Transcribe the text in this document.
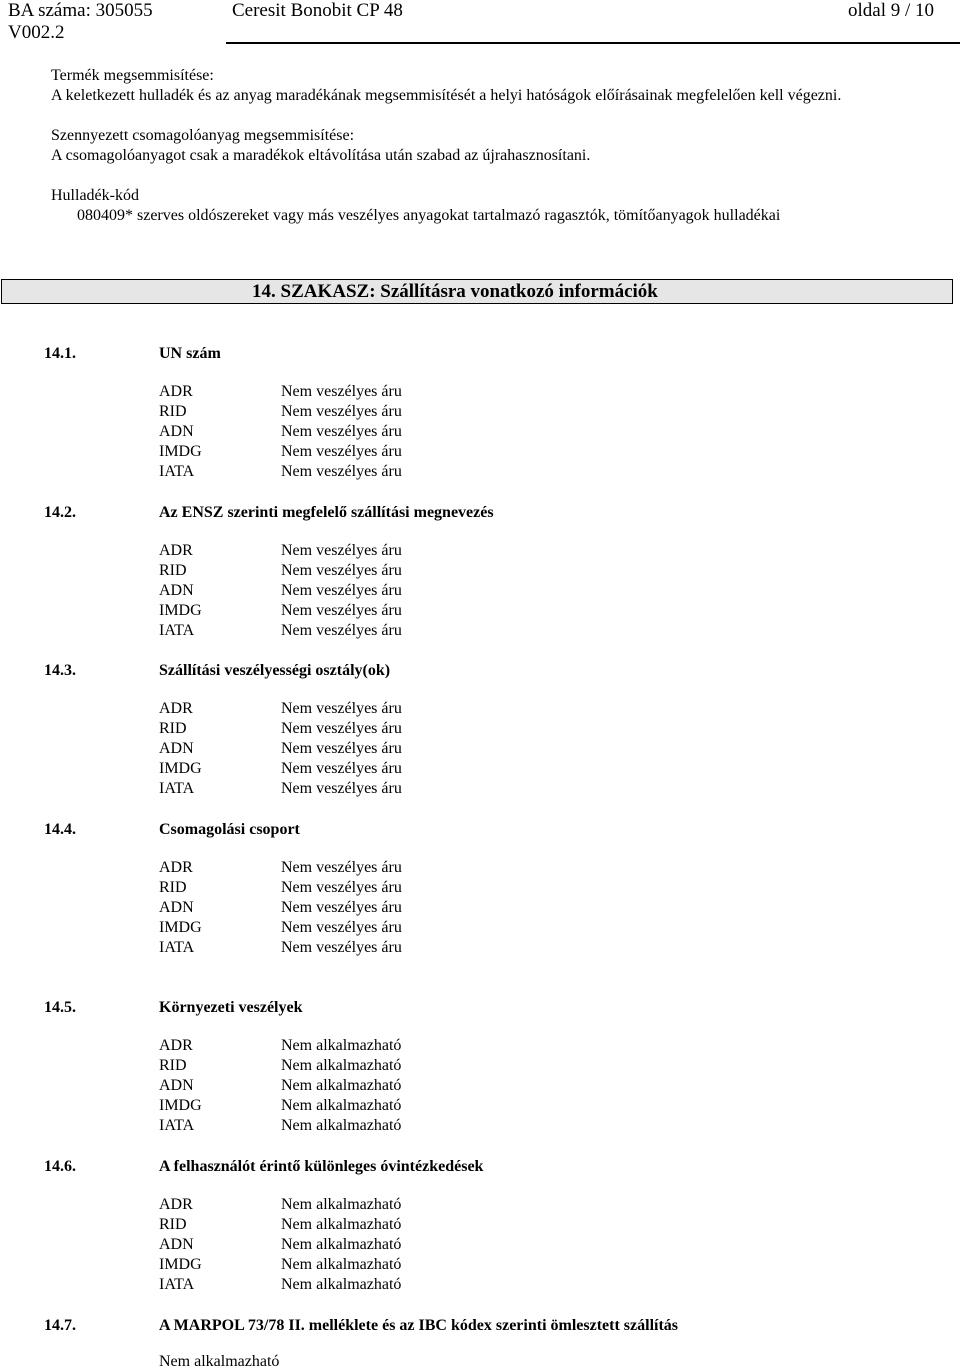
BA száma: 305055	Ceresit Bonobit CP 48	oldal 9 / 10
V002.2
Termék megsemmisítése:
A keletkezett hulladék és az anyag maradékának megsemmisítését a helyi hatóságok előírásainak megfelelően kell végezni.
Szennyezett csomagolóanyag megsemmisítése:
A csomagolóanyagot csak a maradékok eltávolítása után szabad az újrahasznosítani.
Hulladék-kód
080409* szerves oldószereket vagy más veszélyes anyagokat tartalmazó ragasztók, tömítőanyagok hulladékai
14. SZAKASZ: Szállításra vonatkozó információk
14.1.	UN szám
ADR	Nem veszélyes áru
RID	Nem veszélyes áru
ADN	Nem veszélyes áru
IMDG	Nem veszélyes áru
IATA	Nem veszélyes áru
14.2.	Az ENSZ szerinti megfelelő szállítási megnevezés
ADR	Nem veszélyes áru
RID	Nem veszélyes áru
ADN	Nem veszélyes áru
IMDG	Nem veszélyes áru
IATA	Nem veszélyes áru
14.3.	Szállítási veszélyességi osztály(ok)
ADR	Nem veszélyes áru
RID	Nem veszélyes áru
ADN	Nem veszélyes áru
IMDG	Nem veszélyes áru
IATA	Nem veszélyes áru
14.4.	Csomagolási csoport
ADR	Nem veszélyes áru
RID	Nem veszélyes áru
ADN	Nem veszélyes áru
IMDG	Nem veszélyes áru
IATA	Nem veszélyes áru
14.5.	Környezeti veszélyek
ADR	Nem alkalmazható
RID	Nem alkalmazható
ADN	Nem alkalmazható
IMDG	Nem alkalmazható
IATA	Nem alkalmazható
14.6.	A felhasználót érintő különleges óvintézkedések
ADR	Nem alkalmazható
RID	Nem alkalmazható
ADN	Nem alkalmazható
IMDG	Nem alkalmazható
IATA	Nem alkalmazható
14.7.	A MARPOL 73/78 II. melléklete és az IBC kódex szerinti ömlesztett szállítás
Nem alkalmazható
